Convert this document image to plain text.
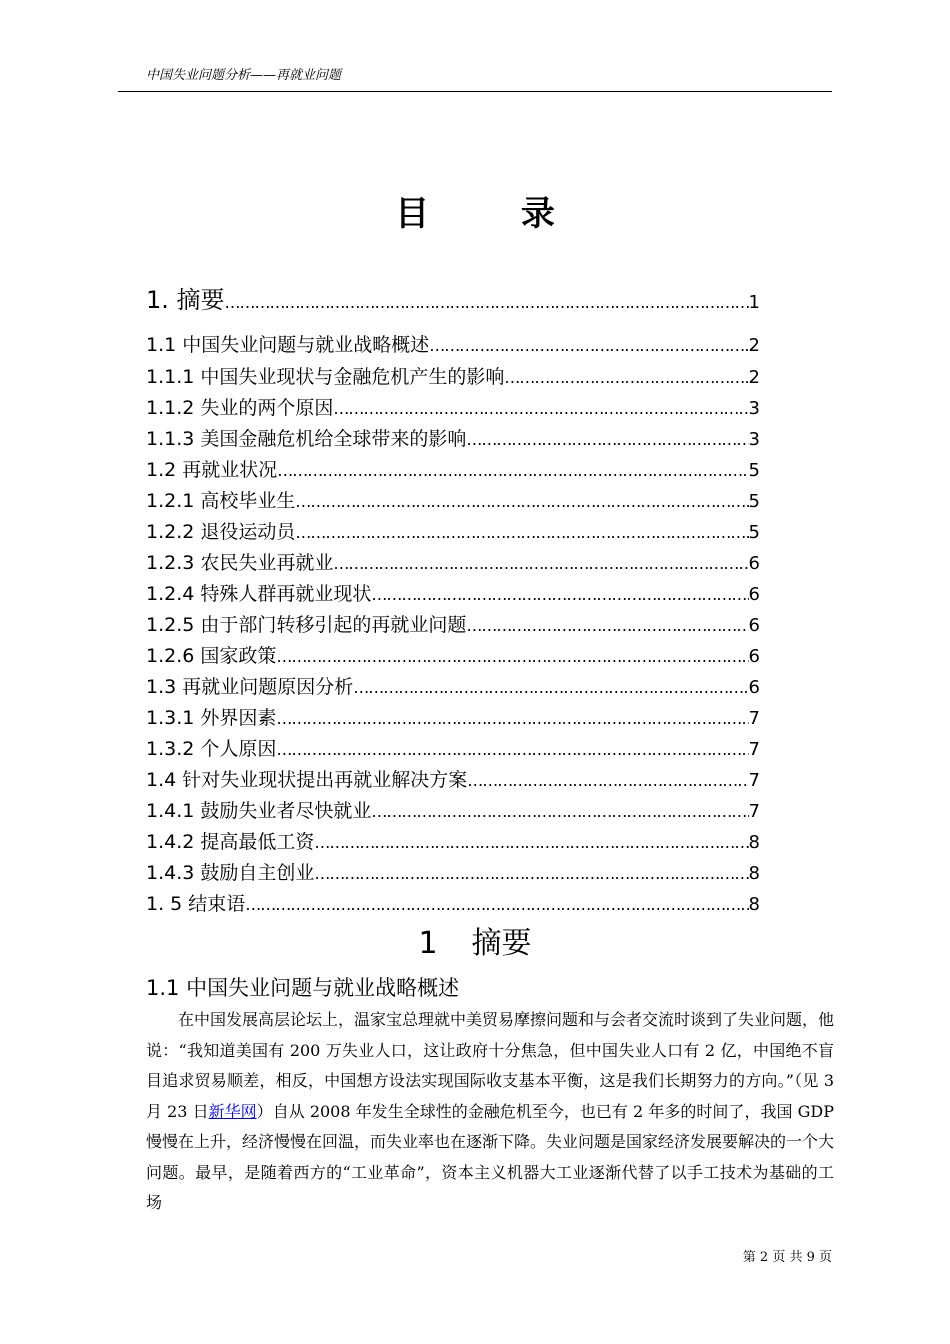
中国失业问题分析——再就业问题
目 录
1. 摘要 …………………………………………………………………………………………………………………………………………………………	1
1.1 中国失业问题与就业战略概述 …………………………………………………………………………………………………………………………………………………………	2
1.1.1 中国失业现状与金融危机产生的影响 …………………………………………………………………………………………………………………………………………………………	2
1.1.2 失业的两个原因 …………………………………………………………………………………………………………………………………………………………	3
1.1.3 美国金融危机给全球带来的影响 …………………………………………………………………………………………………………………………………………………………	3
1.2 再就业状况 …………………………………………………………………………………………………………………………………………………………	5
1.2.1 高校毕业生 …………………………………………………………………………………………………………………………………………………………	5
1.2.2 退役运动员 …………………………………………………………………………………………………………………………………………………………	5
1.2.3 农民失业再就业 …………………………………………………………………………………………………………………………………………………………	6
1.2.4 特殊人群再就业现状 …………………………………………………………………………………………………………………………………………………………	6
1.2.5 由于部门转移引起的再就业问题 …………………………………………………………………………………………………………………………………………………………	6
1.2.6 国家政策 …………………………………………………………………………………………………………………………………………………………	6
1.3 再就业问题原因分析 …………………………………………………………………………………………………………………………………………………………	6
1.3.1 外界因素 …………………………………………………………………………………………………………………………………………………………	7
1.3.2 个人原因 …………………………………………………………………………………………………………………………………………………………	7
1.4 针对失业现状提出再就业解决方案 …………………………………………………………………………………………………………………………………………………………	7
1.4.1 鼓励失业者尽快就业 …………………………………………………………………………………………………………………………………………………………	7
1.4.2 提高最低工资 …………………………………………………………………………………………………………………………………………………………	8
1.4.3 鼓励自主创业 …………………………………………………………………………………………………………………………………………………………	8
1. 5 结束语 …………………………………………………………………………………………………………………………………………………………	8
1 摘要
1.1 中国失业问题与就业战略概述
在中国发展高层论坛上，温家宝总理就中美贸易摩擦问题和与会者交流时谈到了失业问题，他说：“我知道美国有 200 万失业人口，这让政府十分焦急，但中国失业人口有 2 亿，中国绝不盲目追求贸易顺差，相反，中国想方设法实现国际收支基本平衡，这是我们长期努力的方向。”（见 3 月 23 日新华网）自从 2008 年发生全球性的金融危机至今，也已有 2 年多的时间了，我国 GDP 慢慢在上升，经济慢慢在回温，而失业率也在逐渐下降。失业问题是国家经济发展要解决的一个大问题。最早，是随着西方的“工业革命”，资本主义机器大工业逐渐代替了以手工技术为基础的工场
第 2 页 共 9 页
